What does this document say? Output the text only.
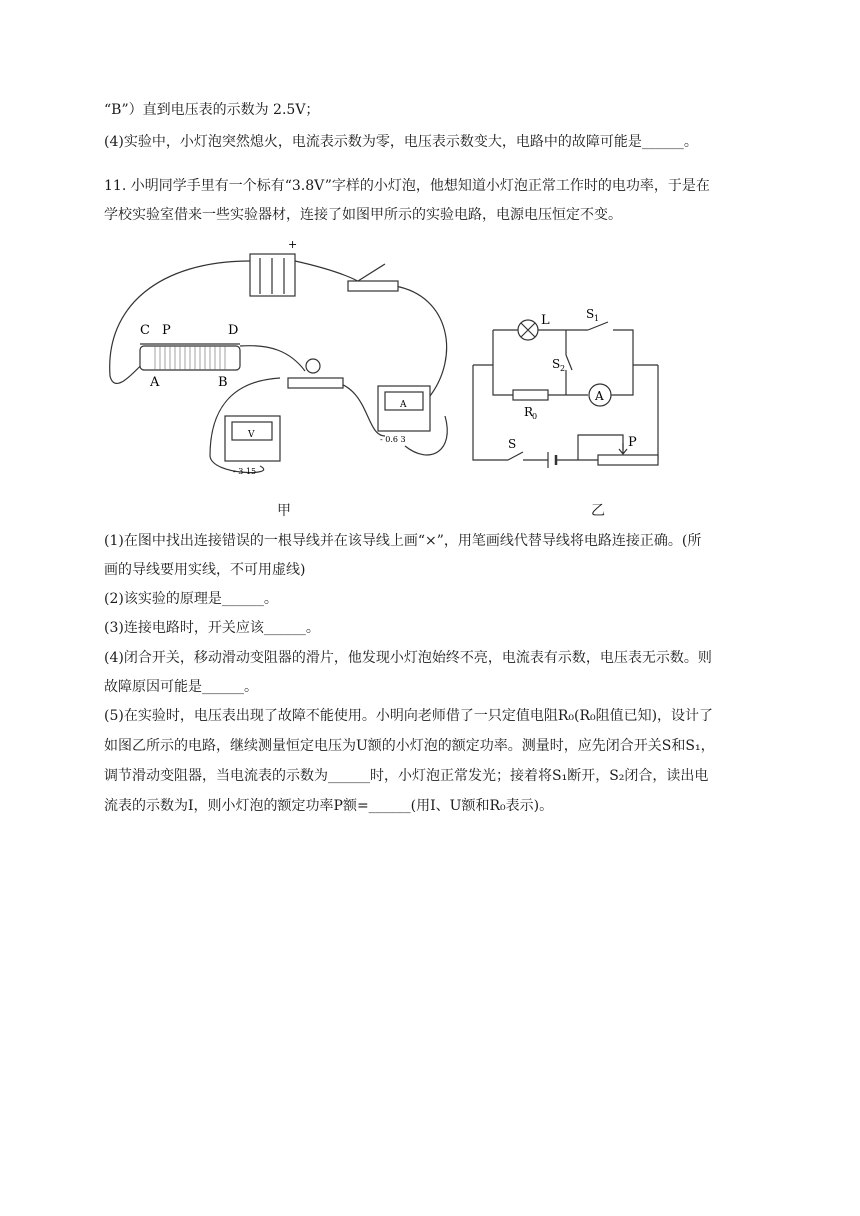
“B”）直到电压表的示数为 2.5V；
(4)实验中，小灯泡突然熄火，电流表示数为零，电压表示数变大，电路中的故障可能是______。
11. 小明同学手里有一个标有“3.8V”字样的小灯泡，他想知道小灯泡正常工作时的电功率，于是在
学校实验室借来一些实验器材，连接了如图甲所示的实验电路，电源电压恒定不变。
+
C P	D
A	B
V
- 3 15
A
- 0.6 3
甲
L	S 1
S 2
A
R
0
S	P
乙
(1)在图中找出连接错误的一根导线并在该导线上画“×”，用笔画线代替导线将电路连接正确。(所
画的导线要用实线，不可用虚线)
(2)该实验的原理是______。
(3)连接电路时，开关应该______。
(4)闭合开关，移动滑动变阻器的滑片，他发现小灯泡始终不亮，电流表有示数，电压表无示数。则
故障原因可能是______。
(5)在实验时，电压表出现了故障不能使用。小明向老师借了一只定值电阻R₀(R₀阻值已知)，设计了
如图乙所示的电路，继续测量恒定电压为U额的小灯泡的额定功率。测量时，应先闭合开关S和S₁，
调节滑动变阻器，当电流表的示数为______时，小灯泡正常发光；接着将S₁断开，S₂闭合，读出电
流表的示数为I，则小灯泡的额定功率P额=______(用I、U额和R₀表示)。
